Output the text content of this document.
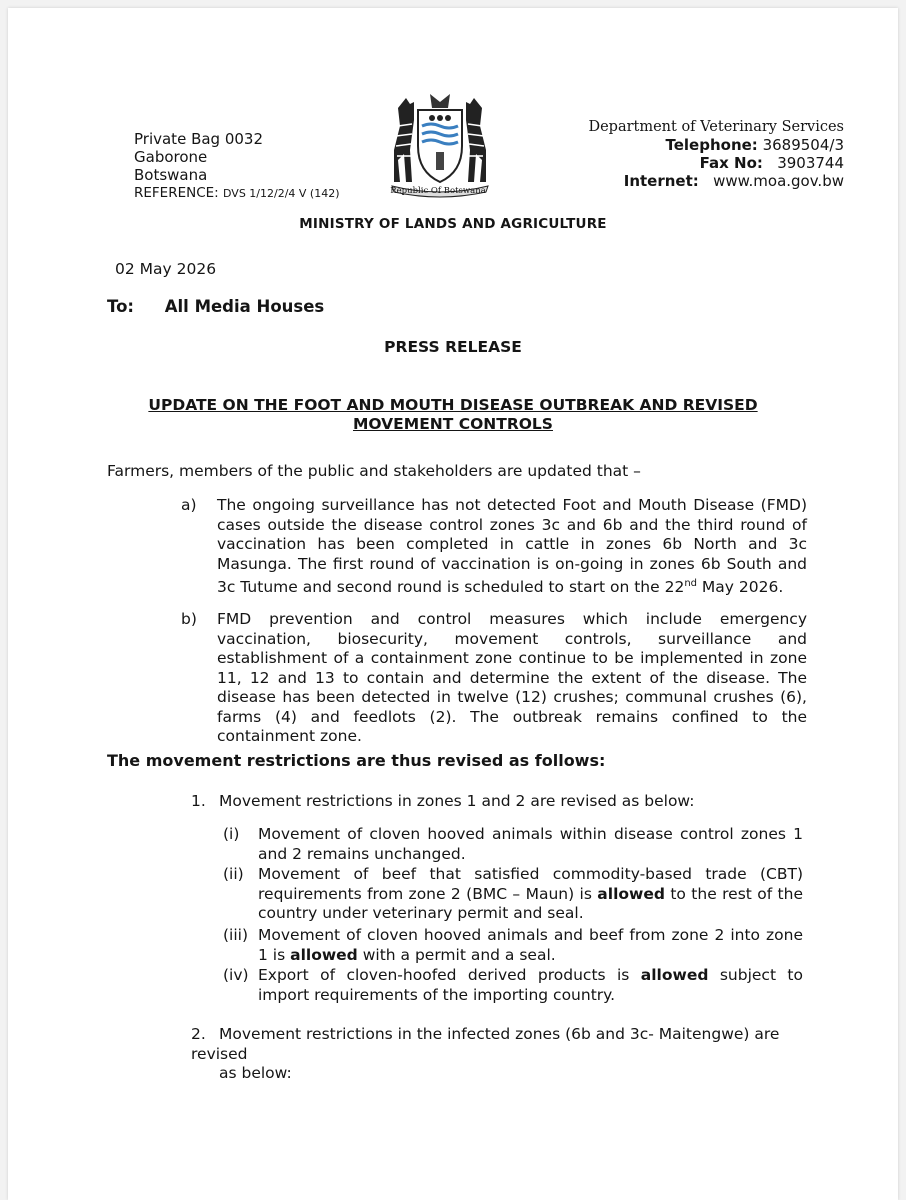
Private Bag 0032
Gaborone
Botswana
REFERENCE: DVS 1/12/2/4 V (142)	Republic Of Botswana
Department of Veterinary Services
Telephone: 3689504/3
Fax No: 3903744
Internet: www.moa.gov.bw
MINISTRY OF LANDS AND AGRICULTURE
02 May 2026
To: All Media Houses
PRESS RELEASE
UPDATE ON THE FOOT AND MOUTH DISEASE OUTBREAK AND REVISED
MOVEMENT CONTROLS
Farmers, members of the public and stakeholders are updated that –
a) The ongoing surveillance has not detected Foot and Mouth Disease (FMD) cases outside the disease control zones 3c and 6b and the third round of vaccination has been completed in cattle in zones 6b North and 3c Masunga. The first round of vaccination is on-going in zones 6b South and 3c Tutume and second round is scheduled to start on the 22nd May 2026.
b) FMD prevention and control measures which include emergency vaccination, biosecurity, movement controls, surveillance and establishment of a containment zone continue to be implemented in zone 11, 12 and 13 to contain and determine the extent of the disease. The disease has been detected in twelve (12) crushes; communal crushes (6), farms (4) and feedlots (2). The outbreak remains confined to the containment zone.
The movement restrictions are thus revised as follows:
1. Movement restrictions in zones 1 and 2 are revised as below:
(i) Movement of cloven hooved animals within disease control zones 1 and 2 remains unchanged.
(ii) Movement of beef that satisfied commodity-based trade (CBT) requirements from zone 2 (BMC – Maun) is allowed to the rest of the country under veterinary permit and seal.
(iii) Movement of cloven hooved animals and beef from zone 2 into zone 1 is allowed with a permit and a seal.
(iv) Export of cloven-hoofed derived products is allowed subject to import requirements of the importing country.
2. Movement restrictions in the infected zones (6b and 3c- Maitengwe) are revised
as below:
